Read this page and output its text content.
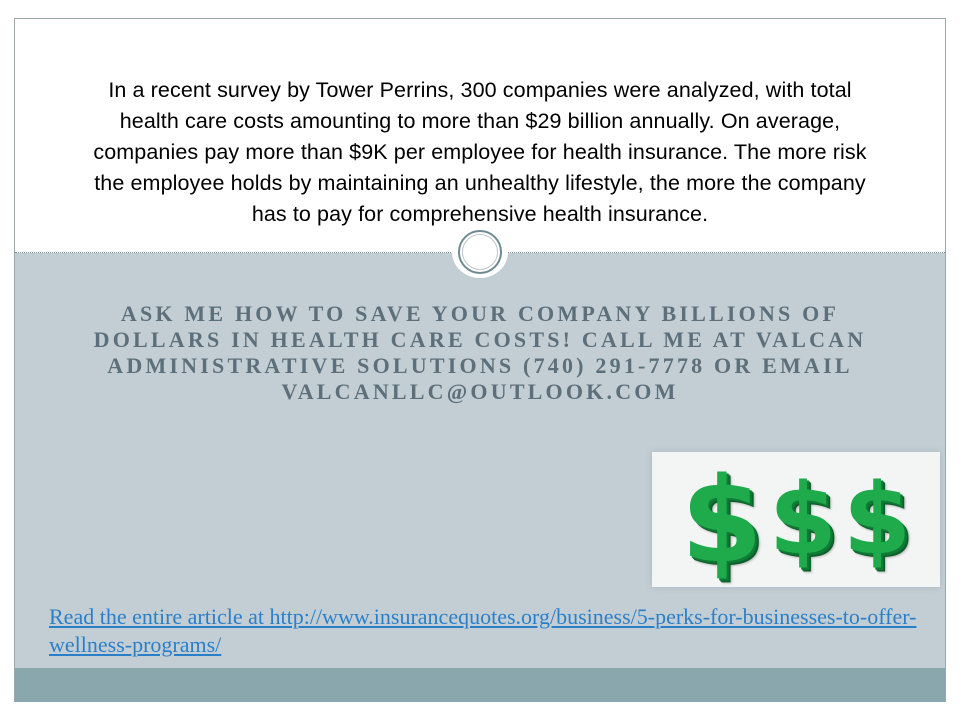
In a recent survey by Tower Perrins, 300 companies were analyzed, with total health care costs amounting to more than $29 billion annually. On average, companies pay more than $9K per employee for health insurance. The more risk the employee holds by maintaining an unhealthy lifestyle, the more the company has to pay for comprehensive health insurance.
ASK ME HOW TO SAVE YOUR COMPANY BILLIONS OF DOLLARS IN HEALTH CARE COSTS! CALL ME AT VALCAN ADMINISTRATIVE SOLUTIONS (740) 291-7778 OR EMAIL VALCANLLC@OUTLOOK.COM
$ $ $
Read the entire article at http://www.insurancequotes.org/business/5-perks-for-businesses-to-offer-wellness-programs/
